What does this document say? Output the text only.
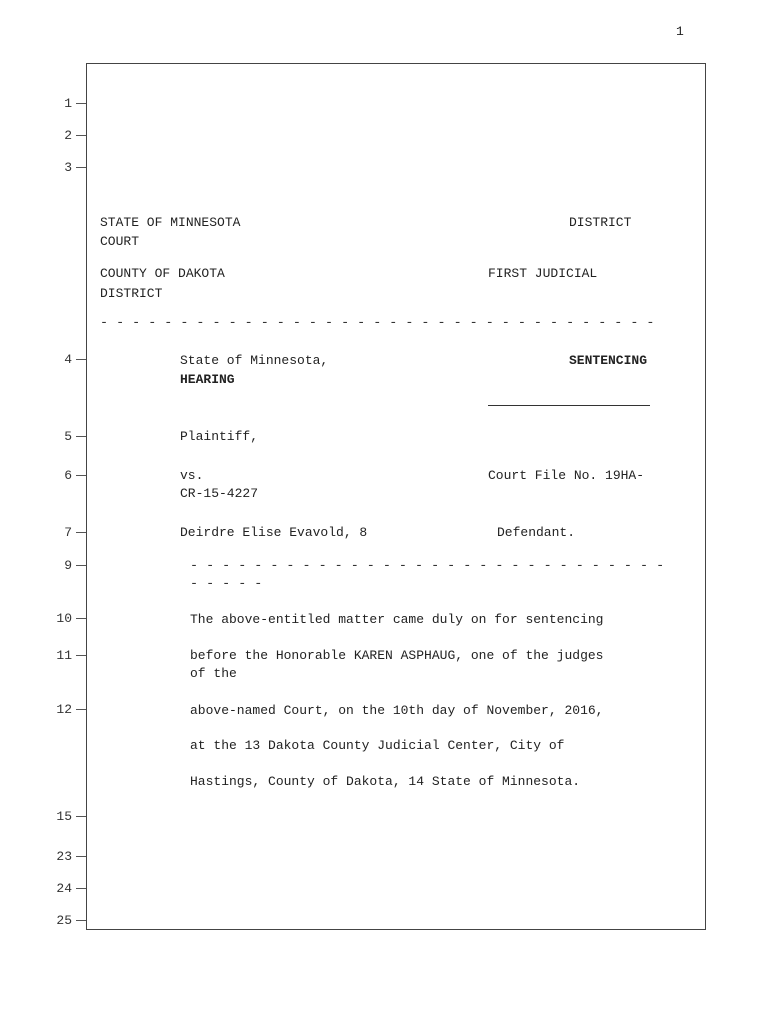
1
1
2
3
4
5
6
7
9
10
11
12
15
23
24
25
STATE OF MINNESOTA	DISTRICT
COURT
COUNTY OF DAKOTA	FIRST JUDICIAL
DISTRICT
- - - - - - - - - - - - - - - - - - - - - - - - - - - - - - - - - - -
State of Minnesota,	SENTENCING
HEARING
Plaintiff,
vs.	Court File No. 19HA-
CR-15-4227
Deirdre Elise Evavold, 8	Defendant.
- - - - - - - - - - - - - - - - - - - - - - - - - - - - - -
- - - - -
The above-entitled matter came duly on for sentencing
before the Honorable KAREN ASPHAUG, one of the judges
of the
above-named Court, on the 10th day of November, 2016,
at the 13 Dakota County Judicial Center, City of
Hastings, County of Dakota, 14 State of Minnesota.
